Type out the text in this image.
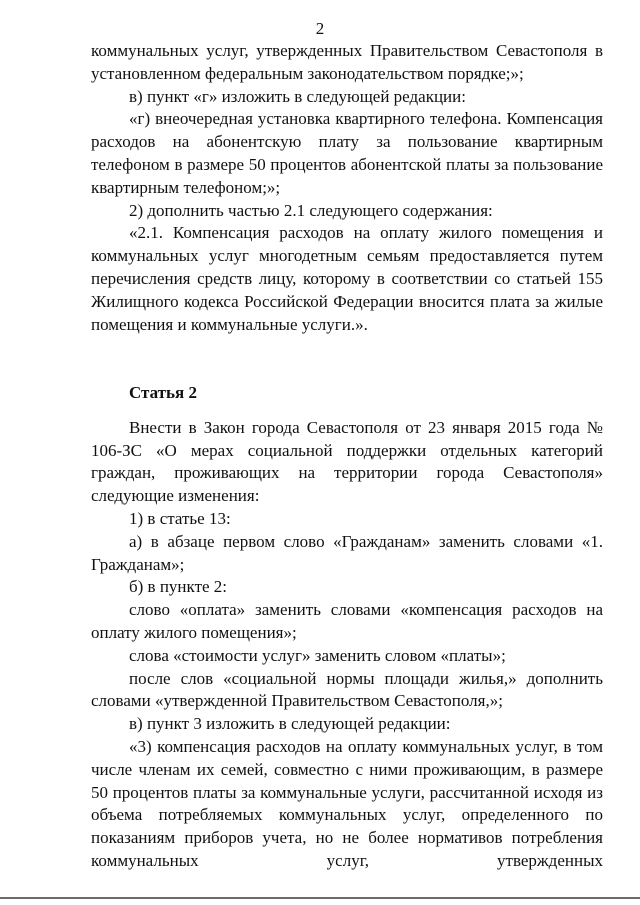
2

коммунальных услуг, утвержденных Правительством Севастополя в установленном федеральным законодательством порядке;»;

в) пункт «г» изложить в следующей редакции:

«г) внеочередная установка квартирного телефона. Компенсация расходов на абонентскую плату за пользование квартирным телефоном в размере 50 процентов абонентской платы за пользование квартирным телефоном;»;

2) дополнить частью 2.1 следующего содержания:

«2.1. Компенсация расходов на оплату жилого помещения и коммунальных услуг многодетным семьям предоставляется путем перечисления средств лицу, которому в соответствии со статьей 155 Жилищного кодекса Российской Федерации вносится плата за жилые помещения и коммунальные услуги.».

Статья 2

Внести в Закон города Севастополя от 23 января 2015 года № 106-ЗС «О мерах социальной поддержки отдельных категорий граждан, проживающих на территории города Севастополя» следующие изменения:

1) в статье 13:

а) в абзаце первом слово «Гражданам» заменить словами «1. Гражданам»;

б) в пункте 2:

слово «оплата» заменить словами «компенсация расходов на оплату жилого помещения»;

слова «стоимости услуг» заменить словом «платы»;

после слов «социальной нормы площади жилья,» дополнить словами «утвержденной Правительством Севастополя,»;

в) пункт 3 изложить в следующей редакции:

«3) компенсация расходов на оплату коммунальных услуг, в том числе членам их семей, совместно с ними проживающим, в размере 50 процентов платы за коммунальные услуги, рассчитанной исходя из объема потребляемых коммунальных услуг, определенного по показаниям приборов учета, но не более нормативов потребления коммунальных услуг, утвержденных
